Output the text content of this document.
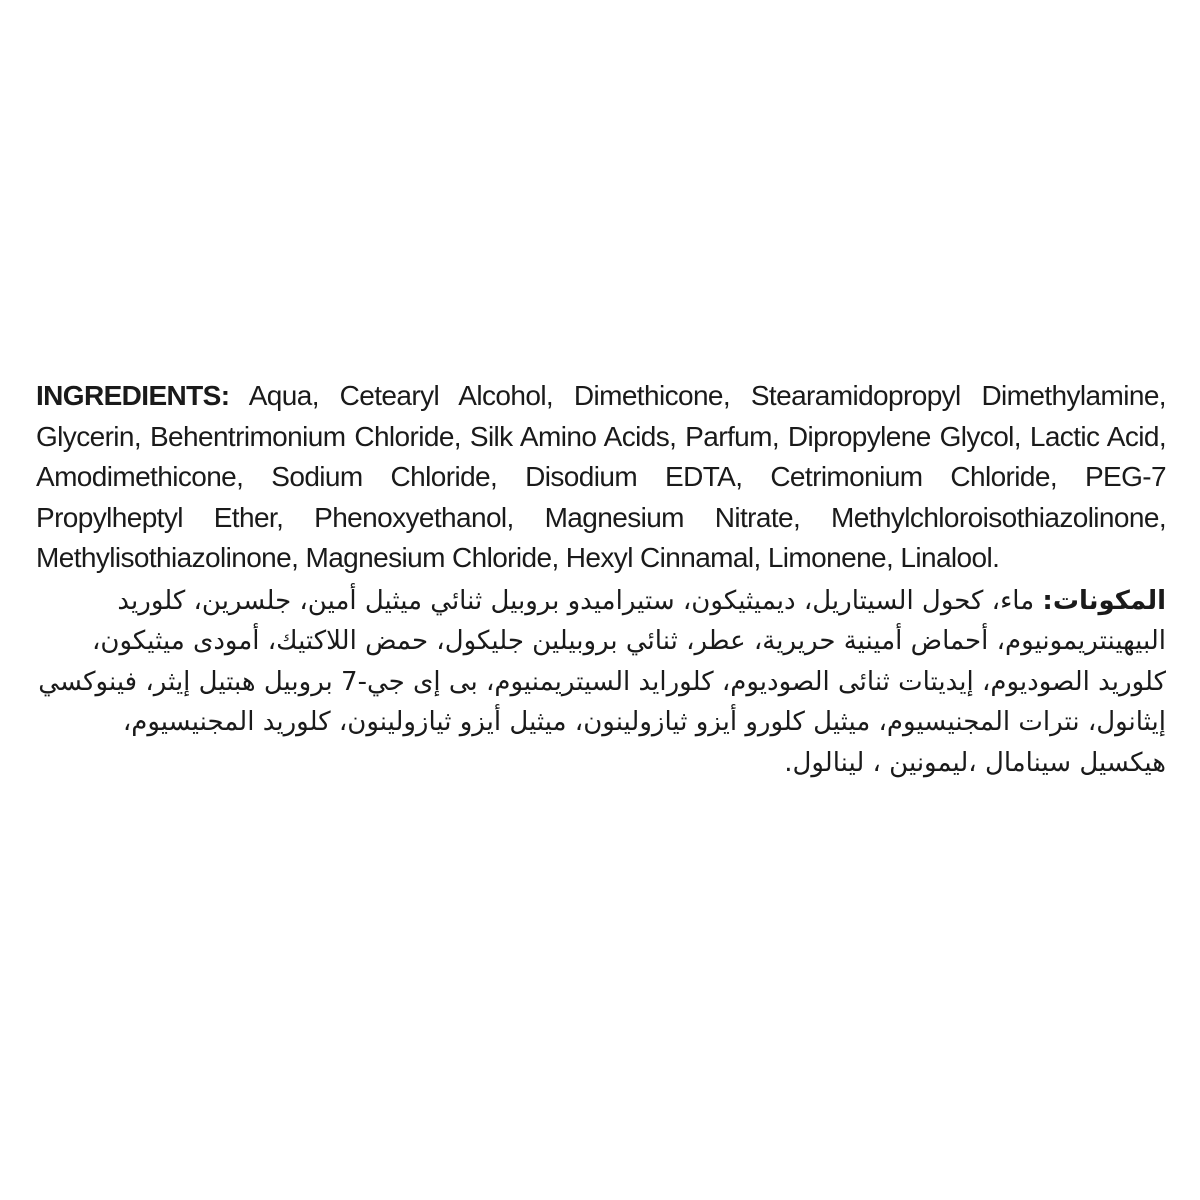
INGREDIENTS: Aqua, Cetearyl Alcohol, Dimethicone, Stearamidopropyl Dimethylamine, Glycerin, Behentrimonium Chloride, Silk Amino Acids, Parfum, Dipropylene Glycol, Lactic Acid, Amodimethicone, Sodium Chloride, Disodium EDTA, Cetrimonium Chloride, PEG-7 Propylheptyl Ether, Phenoxyethanol, Magnesium Nitrate, Methylchloroisothiazolinone, Methylisothiazolinone, Magnesium Chloride, Hexyl Cinnamal, Limonene, Linalool.

المكونات: ماء، كحول السيتاريل، ديميثيكون، ستيراميدو بروبيل ثنائي ميثيل أمين، جلسرين، كلوريد البيهينتريمونيوم، أحماض أمينية حريرية، عطر، ثنائي بروبيلين جليكول، حمض اللاكتيك، أمودى ميثيكون، كلوريد الصوديوم، إيديتات ثنائى الصوديوم، كلورايد السيتريمنيوم، بى إى جي-7 بروبيل هبتيل إيثر، فينوكسي إيثانول، نترات المجنيسيوم، ميثيل كلورو أيزو ثيازولينون، ميثيل أيزو ثيازولينون، كلوريد المجنيسيوم، هيكسيل سينامال ،ليمونين ، لينالول.
